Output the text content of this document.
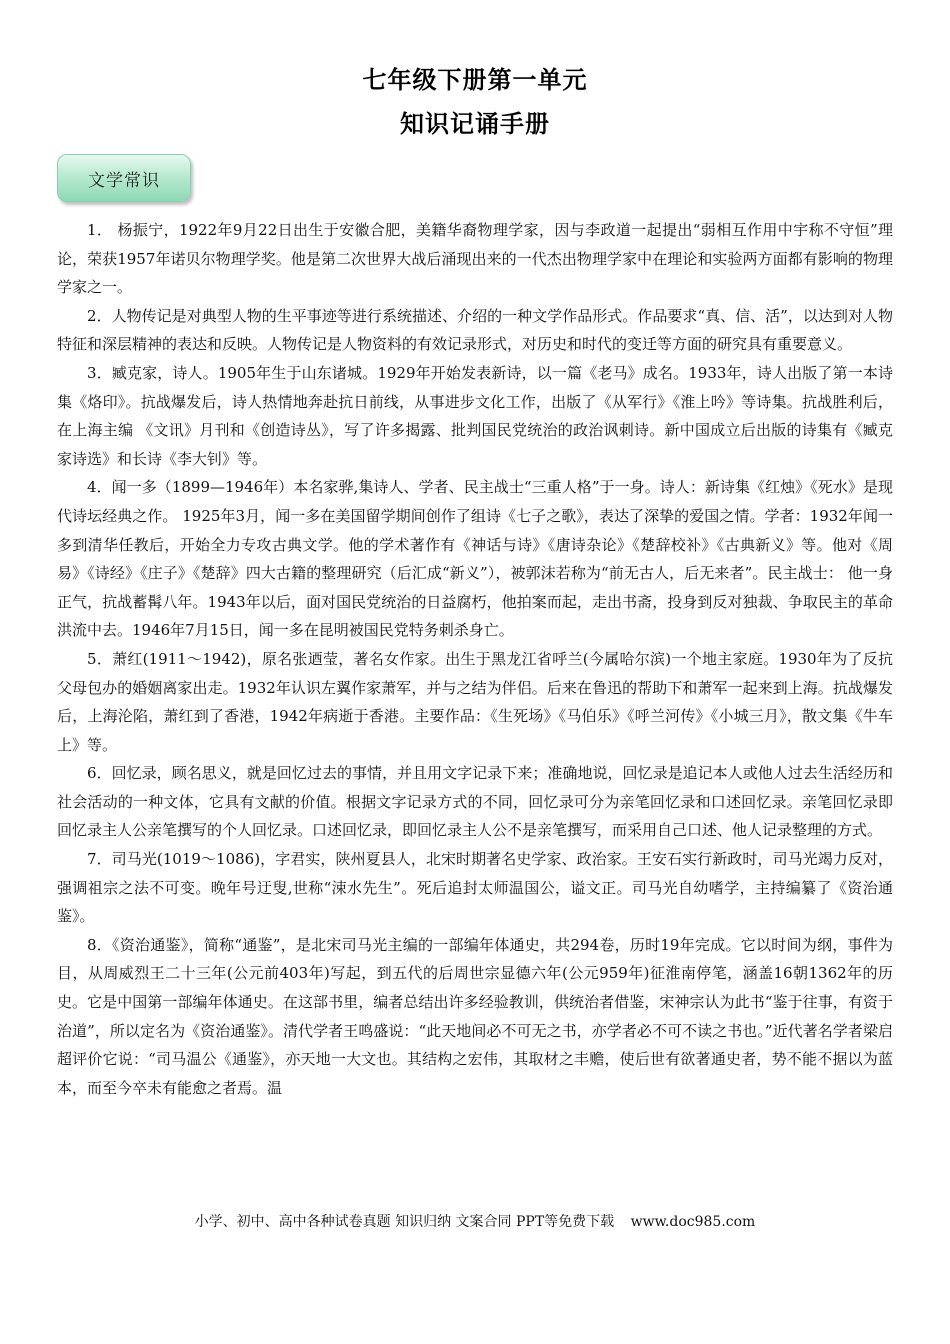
七年级下册第一单元
知识记诵手册
文学常识

1． 杨振宁，1922年9月22日出生于安徽合肥，美籍华裔物理学家，因与李政道一起提出“弱相互作用中宇称不守恒”理论，荣获1957年诺贝尔物理学奖。他是第二次世界大战后涌现出来的一代杰出物理学家中在理论和实验两方面都有影响的物理学家之一。

2．人物传记是对典型人物的生平事迹等进行系统描述、介绍的一种文学作品形式。作品要求“真、信、活”，以达到对人物特征和深层精神的表达和反映。人物传记是人物资料的有效记录形式，对历史和时代的变迁等方面的研究具有重要意义。

3．臧克家，诗人。1905年生于山东诸城。1929年开始发表新诗，以一篇《老马》成名。1933年，诗人出版了第一本诗集《烙印》。抗战爆发后，诗人热情地奔赴抗日前线，从事进步文化工作，出版了《从军行》《淮上吟》等诗集。抗战胜利后，在上海主编 《文讯》月刊和《创造诗丛》，写了许多揭露、批判国民党统治的政治讽刺诗。新中国成立后出版的诗集有《臧克家诗选》和长诗《李大钊》等。

4．闻一多（1899—1946年）本名家骅,集诗人、学者、民主战士“三重人格”于一身。诗人：新诗集《红烛》《死水》是现代诗坛经典之作。 1925年3月，闻一多在美国留学期间创作了组诗《七子之歌》，表达了深挚的爱国之情。学者：1932年闻一多到清华任教后，开始全力专攻古典文学。他的学术著作有《神话与诗》《唐诗杂论》《楚辞校补》《古典新义》等。他对《周易》《诗经》《庄子》《楚辞》四大古籍的整理研究（后汇成“新义”），被郭沫若称为“前无古人，后无来者”。民主战士： 他一身正气，抗战蓄髯八年。1943年以后，面对国民党统治的日益腐朽，他拍案而起，走出书斋，投身到反对独裁、争取民主的革命洪流中去。1946年7月15日，闻一多在昆明被国民党特务刺杀身亡。

5．萧红(1911～1942)，原名张迺莹，著名女作家。出生于黑龙江省呼兰(今属哈尔滨)一个地主家庭。1930年为了反抗父母包办的婚姻离家出走。1932年认识左翼作家萧军，并与之结为伴侣。后来在鲁迅的帮助下和萧军一起来到上海。抗战爆发后，上海沦陷，萧红到了香港，1942年病逝于香港。主要作品：《生死场》《马伯乐》《呼兰河传》《小城三月》，散文集《牛车上》等。

6．回忆录，顾名思义，就是回忆过去的事情，并且用文字记录下来；准确地说，回忆录是追记本人或他人过去生活经历和社会活动的一种文体，它具有文献的价值。根据文字记录方式的不同，回忆录可分为亲笔回忆录和口述回忆录。亲笔回忆录即回忆录主人公亲笔撰写的个人回忆录。口述回忆录，即回忆录主人公不是亲笔撰写，而采用自己口述、他人记录整理的方式。

7．司马光(1019～1086)，字君实，陕州夏县人，北宋时期著名史学家、政治家。王安石实行新政时，司马光竭力反对，强调祖宗之法不可变。晚年号迂叟,世称“涑水先生”。死后追封太师温国公，谥文正。司马光自幼嗜学，主持编纂了《资治通鉴》。

8．《资治通鉴》，简称“通鉴”，是北宋司马光主编的一部编年体通史，共294卷，历时19年完成。它以时间为纲，事件为目，从周威烈王二十三年(公元前403年)写起，到五代的后周世宗显德六年(公元959年)征淮南停笔，涵盖16朝1362年的历史。它是中国第一部编年体通史。在这部书里，编者总结出许多经验教训，供统治者借鉴，宋神宗认为此书“鉴于往事，有资于治道”，所以定名为《资治通鉴》。清代学者王鸣盛说：“此天地间必不可无之书，亦学者必不可不读之书也。”近代著名学者梁启超评价它说：“司马温公《通鉴》，亦天地一大文也。其结构之宏伟，其取材之丰赡，使后世有欲著通史者，势不能不据以为蓝本，而至今卒未有能愈之者焉。温

小学、初中、高中各种试卷真题 知识归纳 文案合同 PPT等免费下载 www.doc985.com
